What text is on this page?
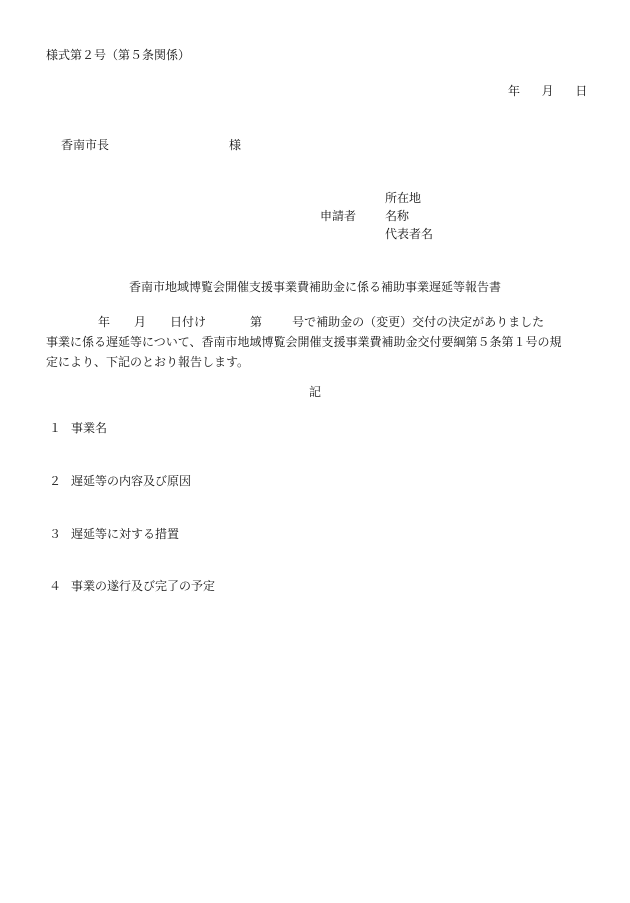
様式第２号（第５条関係）
年 月 日
香南市長	様
申請者
所在地
名称
代表者名
香南市地域博覧会開催支援事業費補助金に係る補助事業遅延等報告書
年 月 日付け	第	号で補助金の（変更）交付の決定がありました
事業に係る遅延等について、香南市地域博覧会開催支援事業費補助金交付要綱第５条第１号の規
定により、下記のとおり報告します。
記
１ 事業名
２ 遅延等の内容及び原因
３ 遅延等に対する措置
４ 事業の遂行及び完了の予定
